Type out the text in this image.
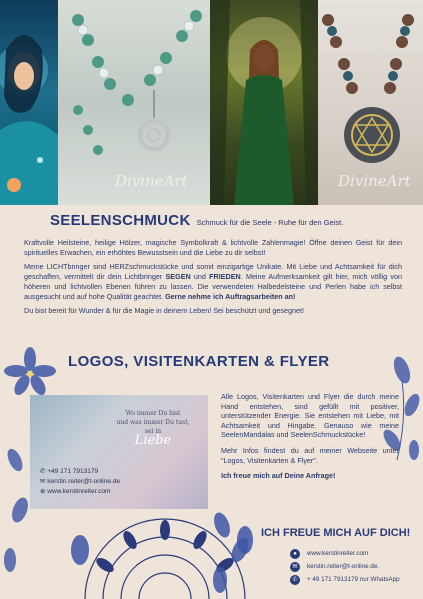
DivineArt	DivineArt
SEELENSCHMUCK Schmuck für die Seele - Ruhe für den Geist.

Kraftvolle Heilsteine, heilige Hölzer, magische Symbolkraft & lichtvolle Zahlenmagie! Öffne deinen Geist für dein spirituelles Erwachen, ein erhöhtes Bewusstsein und die Liebe zu dir selbst!

Meine LICHTbringer sind HERZschmuckstücke und somit einzigartige Unikate. Mit Liebe und Achtsamkeit für dich geschaffen, vermittelt dir dein Lichtbringer SEGEN und FRIEDEN. Meine Aufmerksamkeit gilt hier, mich völlig von höheren und lichtvollen Ebenen führen zu lassen. Die verwendeten Halbedelsteine und Perlen habe ich selbst ausgesucht und auf hohe Qualität geachtet. Gerne nehme ich Auftragsarbeiten an!

Du bist bereit für Wunder & für die Magie in deinem Leben! Sei beschützt und gesegnet!

LOGOS, VISITENKARTEN & FLYER
Wo immer Du bist
und was immer Du tust,
sei in
Liebe
✆ +49 171 7913179
✉ kerstin.reiter@t-online.de
⊕ www.kerstinreiter.com

Alle Logos, Visitenkarten und Flyer die durch meine Hand entstehen, sind gefüllt mit positiver, unterstützender Energie. Sie entstehen mit Liebe, mit Achtsamkeit und Hingabe. Genauso wie meine SeelenMandalas und SeelenSchmuckstücke!

Mehr Infos findest du auf meiner Webseite unter "Logos, Visitenkarten & Flyer".

Ich freue mich auf Deine Anfrage!

ICH FREUE MICH AUF DICH!
●	www.kerstinreiter.com
✉	kerstin.reiter@t-online.de.
✆	+ 49 171 7913179 nur WhatsApp
